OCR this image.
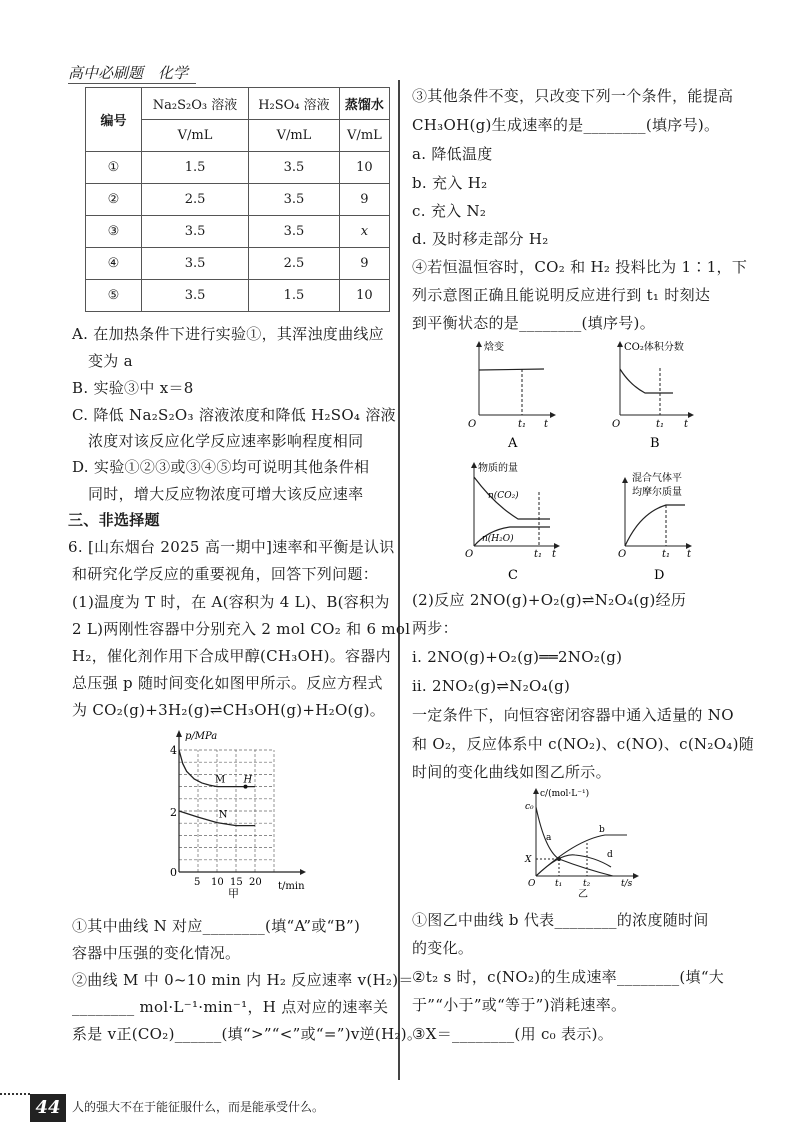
高中必刷题　化学
编号	Na₂S₂O₃ 溶液	H₂SO₄ 溶液	蒸馏水
	V/mL	V/mL	V/mL
①	1.5	3.5	10
②	2.5	3.5	9
③	3.5	3.5	x
④	3.5	2.5	9
⑤	3.5	1.5	10
A. 在加热条件下进行实验①，其浑浊度曲线应
变为 a
B. 实验③中 x＝8
C. 降低 Na₂S₂O₃ 溶液浓度和降低 H₂SO₄ 溶液
浓度对该反应化学反应速率影响程度相同
D. 实验①②③或③④⑤均可说明其他条件相
同时，增大反应物浓度可增大该反应速率
三、非选择题
6. [山东烟台 2025 高一期中]速率和平衡是认识
和研究化学反应的重要视角，回答下列问题：
(1)温度为 T 时，在 A(容积为 4 L)、B(容积为
2 L)两刚性容器中分别充入 2 mol CO₂ 和 6 mol
H₂，催化剂作用下合成甲醇(CH₃OH)。容器内
总压强 p 随时间变化如图甲所示。反应方程式
为 CO₂(g)+3H₂(g)⇌CH₃OH(g)+H₂O(g)。
p/MPa
t/min
5 10 15 20
0
2
4
M
N
H
甲
①其中曲线 N 对应________(填“A”或“B”)
容器中压强的变化情况。
②曲线 M 中 0~10 min 内 H₂ 反应速率 v(H₂)＝
________ mol·L⁻¹·min⁻¹，H 点对应的速率关
系是 v正(CO₂)______(填“>”“<”或“=”)v逆(H₂)。
③其他条件不变，只改变下列一个条件，能提高
CH₃OH(g)生成速率的是________(填序号)。
a. 降低温度
b. 充入 H₂
c. 充入 N₂
d. 及时移走部分 H₂
④若恒温恒容时，CO₂ 和 H₂ 投料比为 1∶1，下
列示意图正确且能说明反应进行到 t₁ 时刻达
到平衡状态的是________(填序号)。
焓变
O	t₁ t
A
CO₂体积分数
O	t₁ t
B
物质的量
n(CO₂)
n(H₂O)
O	t₁ t
C
混合气体平
均摩尔质量
O	t₁ t
D
(2)反应 2NO(g)+O₂(g)⇌N₂O₄(g)经历
两步：
ⅰ. 2NO(g)+O₂(g)══2NO₂(g)
ⅱ. 2NO₂(g)⇌N₂O₄(g)
一定条件下，向恒容密闭容器中通入适量的 NO
和 O₂，反应体系中 c(NO₂)、c(NO)、c(N₂O₄)随
时间的变化曲线如图乙所示。
c/(mol·L⁻¹)
c₀
X
O t₁ t₂	t/s
a
b
d
乙
①图乙中曲线 b 代表________的浓度随时间
的变化。
②t₂ s 时，c(NO₂)的生成速率________(填“大
于”“小于”或“等于”)消耗速率。
③X＝________(用 c₀ 表示)。
44 人的强大不在于能征服什么，而是能承受什么。
